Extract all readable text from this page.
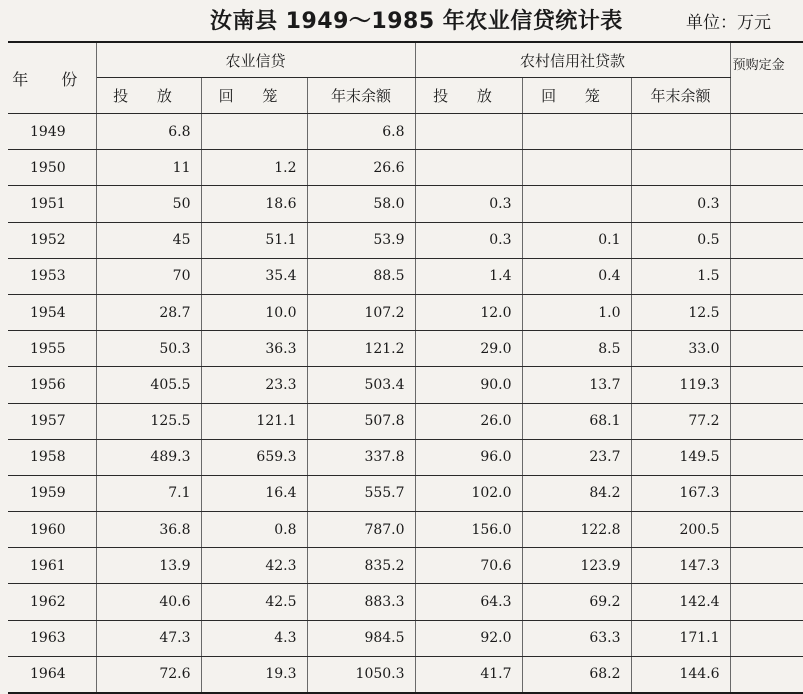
汝南县 1949～1985 年农业信贷统计表	单位：万元
年 份	农业信贷			农村信用社贷款			预购定金
	投 放	回 笼	年末余额	投 放	回 笼	年末余额	
1949	6.8		6.8				
1950	11	1.2	26.6				
1951	50	18.6	58.0	0.3		0.3	
1952	45	51.1	53.9	0.3	0.1	0.5	
1953	70	35.4	88.5	1.4	0.4	1.5	
1954	28.7	10.0	107.2	12.0	1.0	12.5	
1955	50.3	36.3	121.2	29.0	8.5	33.0	
1956	405.5	23.3	503.4	90.0	13.7	119.3	
1957	125.5	121.1	507.8	26.0	68.1	77.2	
1958	489.3	659.3	337.8	96.0	23.7	149.5	
1959	7.1	16.4	555.7	102.0	84.2	167.3	
1960	36.8	0.8	787.0	156.0	122.8	200.5	
1961	13.9	42.3	835.2	70.6	123.9	147.3	
1962	40.6	42.5	883.3	64.3	69.2	142.4	
1963	47.3	4.3	984.5	92.0	63.3	171.1	
1964	72.6	19.3	1050.3	41.7	68.2	144.6	
